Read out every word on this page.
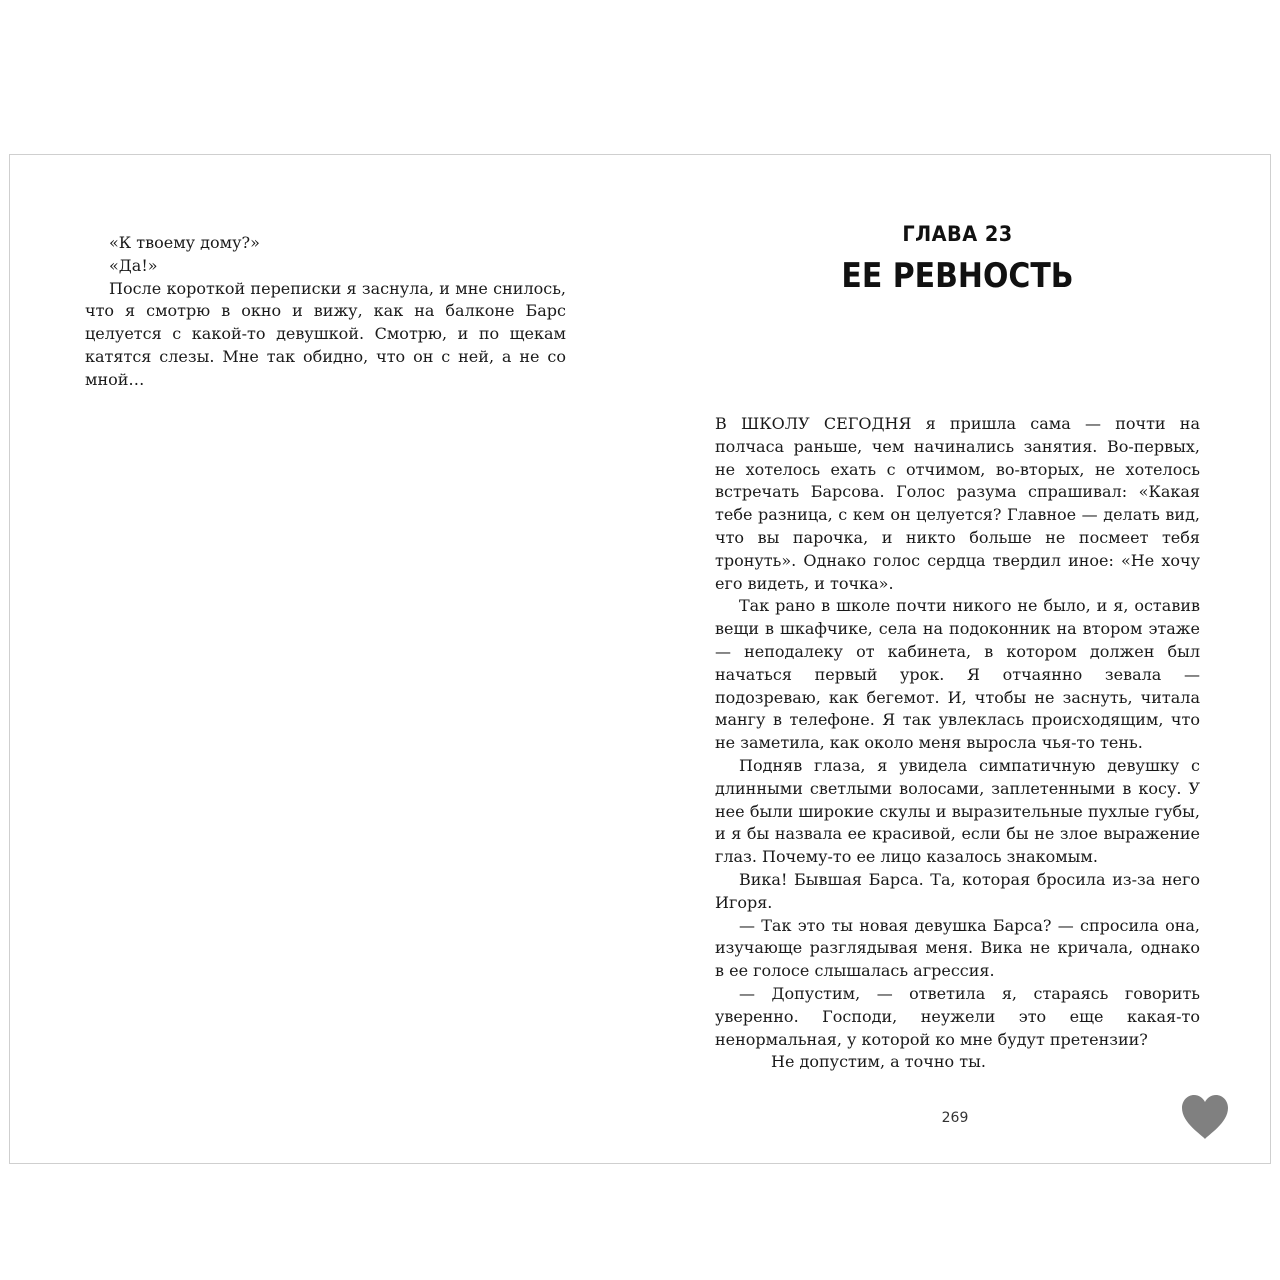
«К твоему дому?»

«Да!»

После короткой переписки я заснула, и мне снилось, что я смотрю в окно и вижу, как на балконе Барс целуется с какой-то девушкой. Смотрю, и по щекам катятся слезы. Мне так обидно, что он с ней, а не со мной…

ГЛАВА 23
ЕЕ РЕВНОСТЬ

В ШКОЛУ СЕГОДНЯ я пришла сама — почти на полчаса раньше, чем начинались занятия. Во-первых, не хотелось ехать с отчимом, во-вторых, не хотелось встречать Барсова. Голос разума спрашивал: «Какая тебе разница, с кем он целуется? Главное — делать вид, что вы парочка, и никто больше не посмеет тебя тронуть». Однако голос сердца твердил иное: «Не хочу его видеть, и точка».

Так рано в школе почти никого не было, и я, оставив вещи в шкафчике, села на подоконник на втором этаже — неподалеку от кабинета, в котором должен был начаться первый урок. Я отчаянно зевала — подозреваю, как бегемот. И, чтобы не заснуть, читала мангу в телефоне. Я так увлеклась происходящим, что не заметила, как около меня выросла чья-то тень.

Подняв глаза, я увидела симпатичную девушку с длинными светлыми волосами, заплетенными в косу. У нее были широкие скулы и выразительные пухлые губы, и я бы назвала ее красивой, если бы не злое выражение глаз. Почему-то ее лицо казалось знакомым.

Вика! Бывшая Барса. Та, которая бросила из-за него Игоря.

— Так это ты новая девушка Барса? — спросила она, изучающе разглядывая меня. Вика не кричала, однако в ее голосе слышалась агрессия.

— Допустим, — ответила я, стараясь говорить уверенно. Господи, неужели это еще какая-то ненормальная, у которой ко мне будут претензии?

Не допустим, а точно ты.

269
